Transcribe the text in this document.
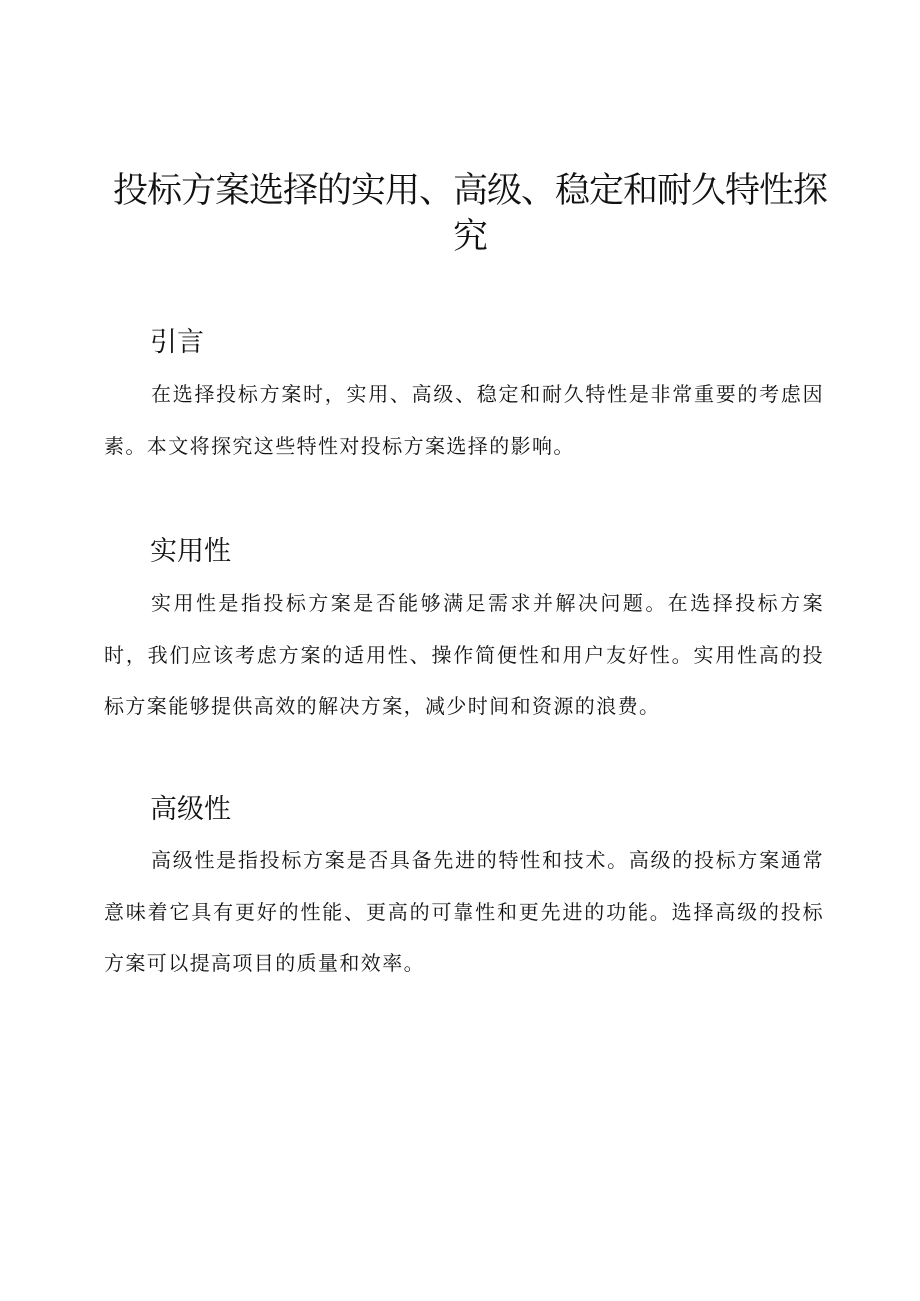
投标方案选择的实用、高级、稳定和耐久特性探究
引言

在选择投标方案时，实用、高级、稳定和耐久特性是非常重要的考虑因素。本文将探究这些特性对投标方案选择的影响。

实用性

实用性是指投标方案是否能够满足需求并解决问题。在选择投标方案时，我们应该考虑方案的适用性、操作简便性和用户友好性。实用性高的投标方案能够提供高效的解决方案，减少时间和资源的浪费。

高级性

高级性是指投标方案是否具备先进的特性和技术。高级的投标方案通常意味着它具有更好的性能、更高的可靠性和更先进的功能。选择高级的投标方案可以提高项目的质量和效率。
